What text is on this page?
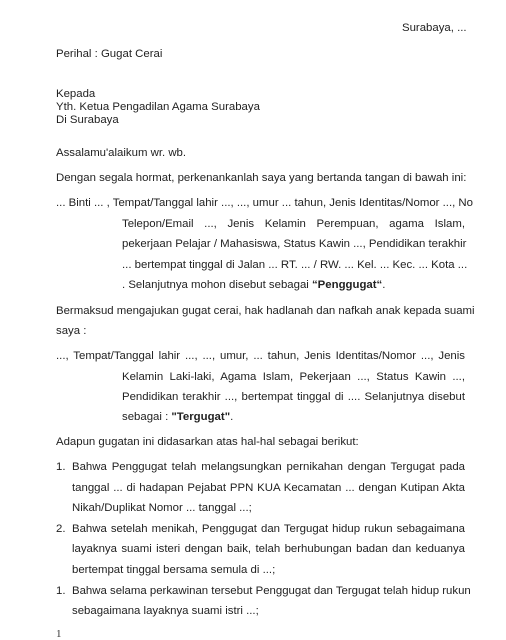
Surabaya, ...
Perihal : Gugat Cerai
Kepada
Yth. Ketua Pengadilan Agama Surabaya
Di Surabaya
Assalamu'alaikum wr. wb.
Dengan segala hormat, perkenankanlah saya yang bertanda tangan di bawah ini:
... Binti ... , Tempat/Tanggal lahir ..., ..., umur ... tahun, Jenis Identitas/Nomor ..., No
Telepon/Email ..., Jenis Kelamin Perempuan, agama Islam,
pekerjaan Pelajar / Mahasiswa, Status Kawin ..., Pendidikan terakhir
... bertempat tinggal di Jalan ... RT. ... / RW. ... Kel. ... Kec. ... Kota ...
. Selanjutnya mohon disebut sebagai “Penggugat“.
Bermaksud mengajukan gugat cerai, hak hadlanah dan nafkah anak kepada suami
saya :
..., Tempat/Tanggal lahir ..., ..., umur, ... tahun, Jenis Identitas/Nomor ..., Jenis
Kelamin Laki-laki, Agama Islam, Pekerjaan ..., Status Kawin ...,
Pendidikan terakhir ..., bertempat tinggal di .... Selanjutnya disebut
sebagai : "Tergugat".
Adapun gugatan ini didasarkan atas hal-hal sebagai berikut:
1. Bahwa Penggugat telah melangsungkan pernikahan dengan Tergugat pada
tanggal ... di hadapan Pejabat PPN KUA Kecamatan ... dengan Kutipan Akta
Nikah/Duplikat Nomor ... tanggal ...;
2. Bahwa setelah menikah, Penggugat dan Tergugat hidup rukun sebagaimana
layaknya suami isteri dengan baik, telah berhubungan badan dan keduanya
bertempat tinggal bersama semula di ...;
1. Bahwa selama perkawinan tersebut Penggugat dan Tergugat telah hidup rukun
sebagaimana layaknya suami istri ...;
1
